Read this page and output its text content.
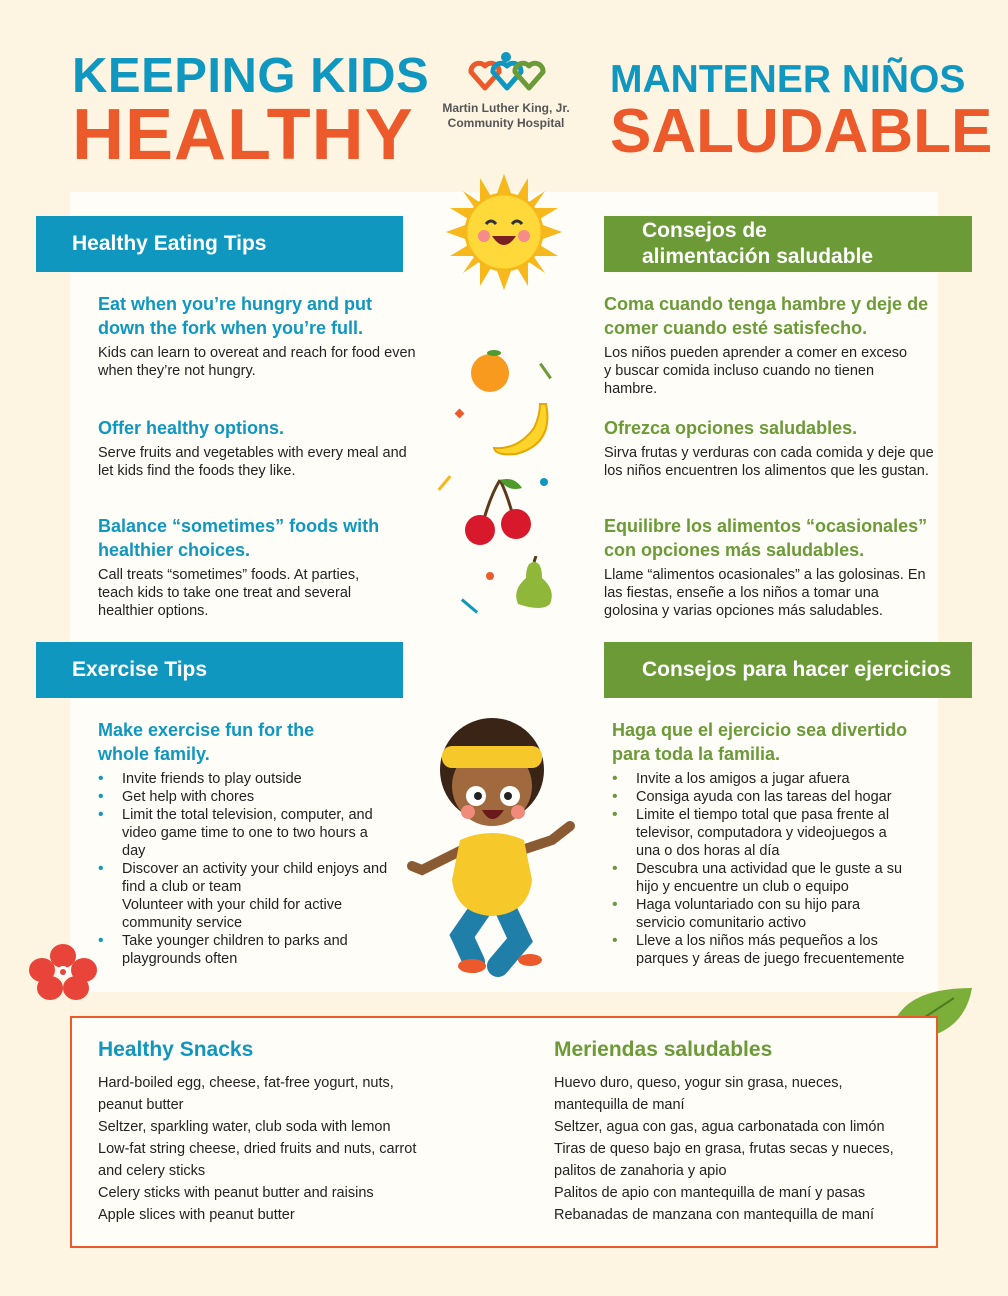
KEEPING KIDS
HEALTHY
MANTENER NIÑOS
SALUDABLE
Martin Luther King, Jr.
Community Hospital
Healthy Eating Tips
Consejos de
alimentación saludable
Eat when you’re hungry and put down the fork when you’re full.
Kids can learn to overeat and reach for food even when they’re not hungry.
Offer healthy options.
Serve fruits and vegetables with every meal and let kids find the foods they like.
Balance “sometimes” foods with healthier choices.
Call treats “sometimes” foods. At parties, teach kids to take one treat and several healthier options.
Coma cuando tenga hambre y deje de comer cuando esté satisfecho.
Los niños pueden aprender a comer en exceso y buscar comida incluso cuando no tienen hambre.
Ofrezca opciones saludables.
Sirva frutas y verduras con cada comida y deje que los niños encuentren los alimentos que les gustan.
Equilibre los alimentos “ocasionales” con opciones más saludables.
Llame “alimentos ocasionales” a las golosinas. En las fiestas, enseñe a los niños a tomar una golosina y varias opciones más saludables.
Exercise Tips	Consejos para hacer ejercicios
Make exercise fun for the whole family.
• Invite friends to play outside
• Get help with chores
• Limit the total television, computer, and video game time to one to two hours a day
• Discover an activity your child enjoys and find a club or team
Volunteer with your child for active community service
• Take younger children to parks and playgrounds often
Haga que el ejercicio sea divertido para toda la familia.
• Invite a los amigos a jugar afuera
• Consiga ayuda con las tareas del hogar
• Limite el tiempo total que pasa frente al televisor, computadora y videojuegos a una o dos horas al día
• Descubra una actividad que le guste a su hijo y encuentre un club o equipo
• Haga voluntariado con su hijo para servicio comunitario activo
• Lleve a los niños más pequeños a los parques y áreas de juego frecuentemente
Healthy Snacks
Hard-boiled egg, cheese, fat-free yogurt, nuts,
peanut butter
Seltzer, sparkling water, club soda with lemon
Low-fat string cheese, dried fruits and nuts, carrot
and celery sticks
Celery sticks with peanut butter and raisins
Apple slices with peanut butter
Meriendas saludables
Huevo duro, queso, yogur sin grasa, nueces,
mantequilla de maní
Seltzer, agua con gas, agua carbonatada con limón
Tiras de queso bajo en grasa, frutas secas y nueces,
palitos de zanahoria y apio
Palitos de apio con mantequilla de maní y pasas
Rebanadas de manzana con mantequilla de maní
